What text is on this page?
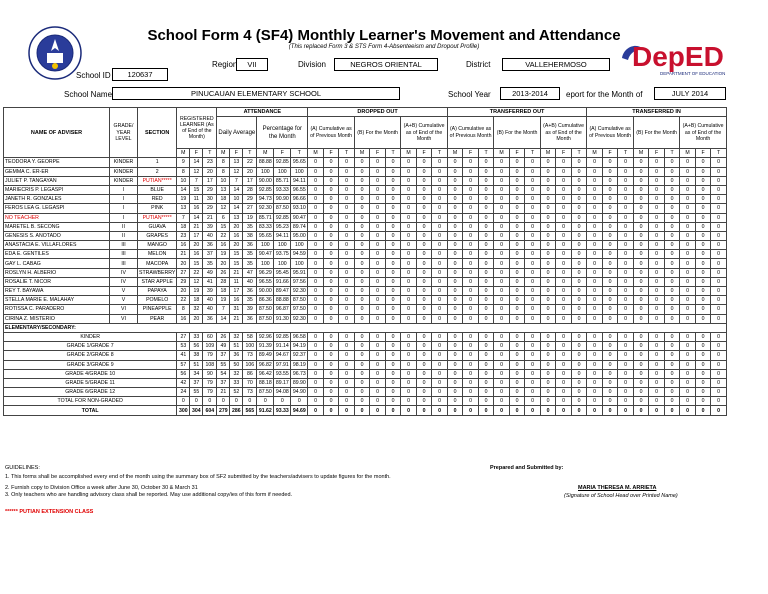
DepED
DEPARTMENT OF EDUCATION
School Form 4 (SF4) Monthly Learner's Movement and Attendance
(This replaced Form 3 & STS Form 4-Absenteeism and Dropout Profile)
Region	VII	Division	NEGROS ORIENTAL	District	VALLEHERMOSO
School ID	120637
School Name	PINUCAUAN ELEMENTARY SCHOOL	School Year	2013-2014	eport for the Month of	JULY 2014
NAME OF ADVISER	GRADE/ YEAR LEVEL	SECTION	REGISTERED LEARNER (As of End of the Month)			ATTENDANCE						DROPPED OUT									TRANSFERRED OUT									TRANSFERRED IN								
						Daily Average			Percentage for the Month			(A) Cumulative as of Previous Month			(B) For the Month			(A+B) Cumulative as of End of the Month			(A) Cumulative as of Previous Month			(B) For the Month			(A+B) Cumulative as of End of the Month			(A) Cumulative as of Previous Month			(B) For the Month			(A+B) Cumulative as of End of the Month		
			M	F	T	M	F	T	M	F	T	M	F	T	M	F	T	M	F	T	M	F	T	M	F	T	M	F	T	M	F	T	M	F	T	M	F	T
TEODORA Y. GEORPE	KINDER	1	9	14	23	8	13	22	88.88	92.85	95.65	0	0	0	0	0	0	0	0	0	0	0	0	0	0	0	0	0	0	0	0	0	0	0	0	0	0	0
GEMMA C. ER-ER	KINDER	2	8	12	20	8	12	20	100	100	100	0	0	0	0	0	0	0	0	0	0	0	0	0	0	0	0	0	0	0	0	0	0	0	0	0	0	0
JULIET P. TANGAYAN	KINDER	PUTIAN*****	10	7	17	10	7	17	90.00	85.71	94.11	0	0	0	0	0	0	0	0	0	0	0	0	0	0	0	0	0	0	0	0	0	0	0	0	0	0	0
MARIECRIS P. LEGASPI	I	BLUE	14	15	29	13	14	28	92.85	93.33	96.55	0	0	0	0	0	0	0	0	0	0	0	0	0	0	0	0	0	0	0	0	0	0	0	0	0	0	0
JANETH R. GONZALES	I	RED	19	11	30	18	10	29	94.73	90.90	96.66	0	0	0	0	0	0	0	0	0	0	0	0	0	0	0	0	0	0	0	0	0	0	0	0	0	0	0
FEROS LEA G. LEGASPI	I	PINK	13	16	29	12	14	27	92.30	87.50	93.10	0	0	0	0	0	0	0	0	0	0	0	0	0	0	0	0	0	0	0	0	0	0	0	0	0	0	0
NO TEACHER	I	PUTIAN*****	7	14	21	6	13	19	85.71	92.85	90.47	0	0	0	0	0	0	0	0	0	0	0	0	0	0	0	0	0	0	0	0	0	0	0	0	0	0	0
MARETEL B. SECONG	II	GUAVA	18	21	39	15	20	35	83.33	95.23	89.74	0	0	0	0	0	0	0	0	0	0	0	0	0	0	0	0	0	0	0	0	0	0	0	0	0	0	0
GENESIS S. ANOTADO	II	GRAPES	23	17	40	22	16	38	95.65	94.11	95.00	0	0	0	0	0	0	0	0	0	0	0	0	0	0	0	0	0	0	0	0	0	0	0	0	0	0	0
ANASTACIA E. VILLAFLORES	III	MANGO	16	20	36	16	20	36	100	100	100	0	0	0	0	0	0	0	0	0	0	0	0	0	0	0	0	0	0	0	0	0	0	0	0	0	0	0
EDA E. GENTILES	III	MELON	21	16	37	19	15	35	90.47	93.75	94.59	0	0	0	0	0	0	0	0	0	0	0	0	0	0	0	0	0	0	0	0	0	0	0	0	0	0	0
GAY L. CABAG	III	MACOPA	20	15	35	20	15	35	100	100	100	0	0	0	0	0	0	0	0	0	0	0	0	0	0	0	0	0	0	0	0	0	0	0	0	0	0	0
ROSLYN H. ALBERIO	IV	STRAWBERRY	27	22	49	26	21	47	96.29	95.45	95.91	0	0	0	0	0	0	0	0	0	0	0	0	0	0	0	0	0	0	0	0	0	0	0	0	0	0	0
ROSALIE T. NICOR	IV	STAR APPLE	29	12	41	28	11	40	96.55	91.66	97.56	0	0	0	0	0	0	0	0	0	0	0	0	0	0	0	0	0	0	0	0	0	0	0	0	0	0	0
REY T. BAYAWA	V	PAPAYA	20	19	39	18	17	36	90.00	89.47	92.30	0	0	0	0	0	0	0	0	0	0	0	0	0	0	0	0	0	0	0	0	0	0	0	0	0	0	0
STELLA MARIE E. MALAHAY	V	POMELO	22	18	40	19	16	35	86.36	88.88	87.50	0	0	0	0	0	0	0	0	0	0	0	0	0	0	0	0	0	0	0	0	0	0	0	0	0	0	0
ROTISSA C. PARADERO	VI	PINEAPPLE	8	32	40	7	31	39	87.50	96.87	97.50	0	0	0	0	0	0	0	0	0	0	0	0	0	0	0	0	0	0	0	0	0	0	0	0	0	0	0
CIRINA Z. MISTERIO	VI	PEAR	16	20	36	14	21	36	87.50	91.30	92.30	0	0	0	0	0	0	0	0	0	0	0	0	0	0	0	0	0	0	0	0	0	0	0	0	0	0	0
ELEMENTARY/SECONDARY:																																						
KINDER			27	33	60	26	32	58	92.96	92.85	96.58	0	0	0	0	0	0	0	0	0	0	0	0	0	0	0	0	0	0	0	0	0	0	0	0	0	0	0
GRADE 1/GRADE 7			53	56	109	49	51	100	91.39	91.14	94.19	0	0	0	0	0	0	0	0	0	0	0	0	0	0	0	0	0	0	0	0	0	0	0	0	0	0	0
GRADE 2/GRADE 8			41	38	79	37	36	73	89.49	94.67	92.37	0	0	0	0	0	0	0	0	0	0	0	0	0	0	0	0	0	0	0	0	0	0	0	0	0	0	0
GRADE 3/GRADE 9			57	51	108	55	50	106	96.82	97.91	98.19	0	0	0	0	0	0	0	0	0	0	0	0	0	0	0	0	0	0	0	0	0	0	0	0	0	0	0
GRADE 4/GRADE 10			56	34	90	54	32	86	96.42	93.55	96.73	0	0	0	0	0	0	0	0	0	0	0	0	0	0	0	0	0	0	0	0	0	0	0	0	0	0	0
GRADE 5/GRADE 11			42	37	79	37	33	70	88.18	89.17	89.90	0	0	0	0	0	0	0	0	0	0	0	0	0	0	0	0	0	0	0	0	0	0	0	0	0	0	0
GRADE 6/GRADE 12			24	55	79	21	52	73	87.50	94.08	94.90	0	0	0	0	0	0	0	0	0	0	0	0	0	0	0	0	0	0	0	0	0	0	0	0	0	0	0
TOTAL FOR NON-GRADED			0	0	0	0	0	0	0	0	0	0	0	0	0	0	0	0	0	0	0	0	0	0	0	0	0	0	0	0	0	0	0	0	0	0	0	0
TOTAL			300	304	604	279	286	565	91.62	93.33	94.69	0	0	0	0	0	0	0	0	0	0	0	0	0	0	0	0	0	0	0	0	0	0	0	0	0	0	0
GUIDELINES:
1. This forms shall be accomplished every end of the month using the summary box of SF2 submitted by the teachers/advisers to update figures for the month.
2. Furnish copy to Division Office a week after June 30, October 30 & March 31
3. Only teachers who are handling advisory class shall be reported. May use additional copy/ies of this form if needed.
****** PUTIAN EXTENSION CLASS
Prepared and Submitted by:
MARIA THERESA M. ARRIETA
(Signature of School Head over Printed Name)
